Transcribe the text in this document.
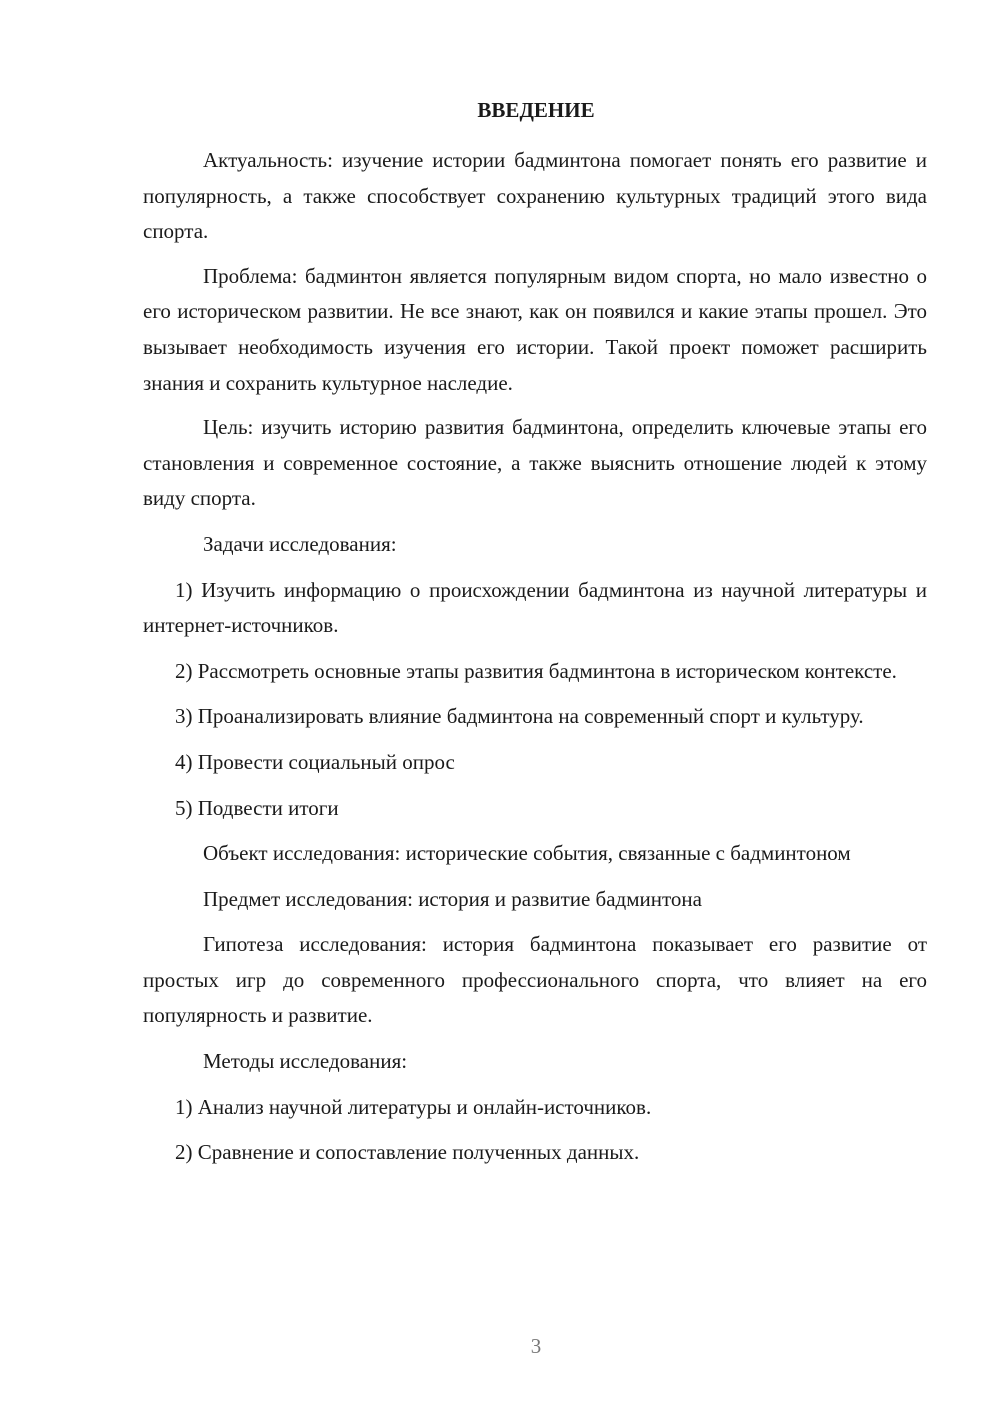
ВВЕДЕНИЕ

Актуальность: изучение истории бадминтона помогает понять его развитие и популярность, а также способствует сохранению культурных традиций этого вида спорта.

Проблема: бадминтон является популярным видом спорта, но мало известно о его историческом развитии. Не все знают, как он появился и какие этапы прошел. Это вызывает необходимость изучения его истории. Такой проект поможет расширить знания и сохранить культурное наследие.

Цель: изучить историю развития бадминтона, определить ключевые этапы его становления и современное состояние, а также выяснить отношение людей к этому виду спорта.

Задачи исследования:

1) Изучить информацию о происхождении бадминтона из научной литературы и интернет-источников.

2) Рассмотреть основные этапы развития бадминтона в историческом контексте.

3) Проанализировать влияние бадминтона на современный спорт и культуру.

4) Провести социальный опрос

5) Подвести итоги

Объект исследования: исторические события, связанные с бадминтоном

Предмет исследования: история и развитие бадминтона

Гипотеза исследования: история бадминтона показывает его развитие от простых игр до современного профессионального спорта, что влияет на его популярность и развитие.

Методы исследования:

1) Анализ научной литературы и онлайн-источников.

2) Сравнение и сопоставление полученных данных.

3
